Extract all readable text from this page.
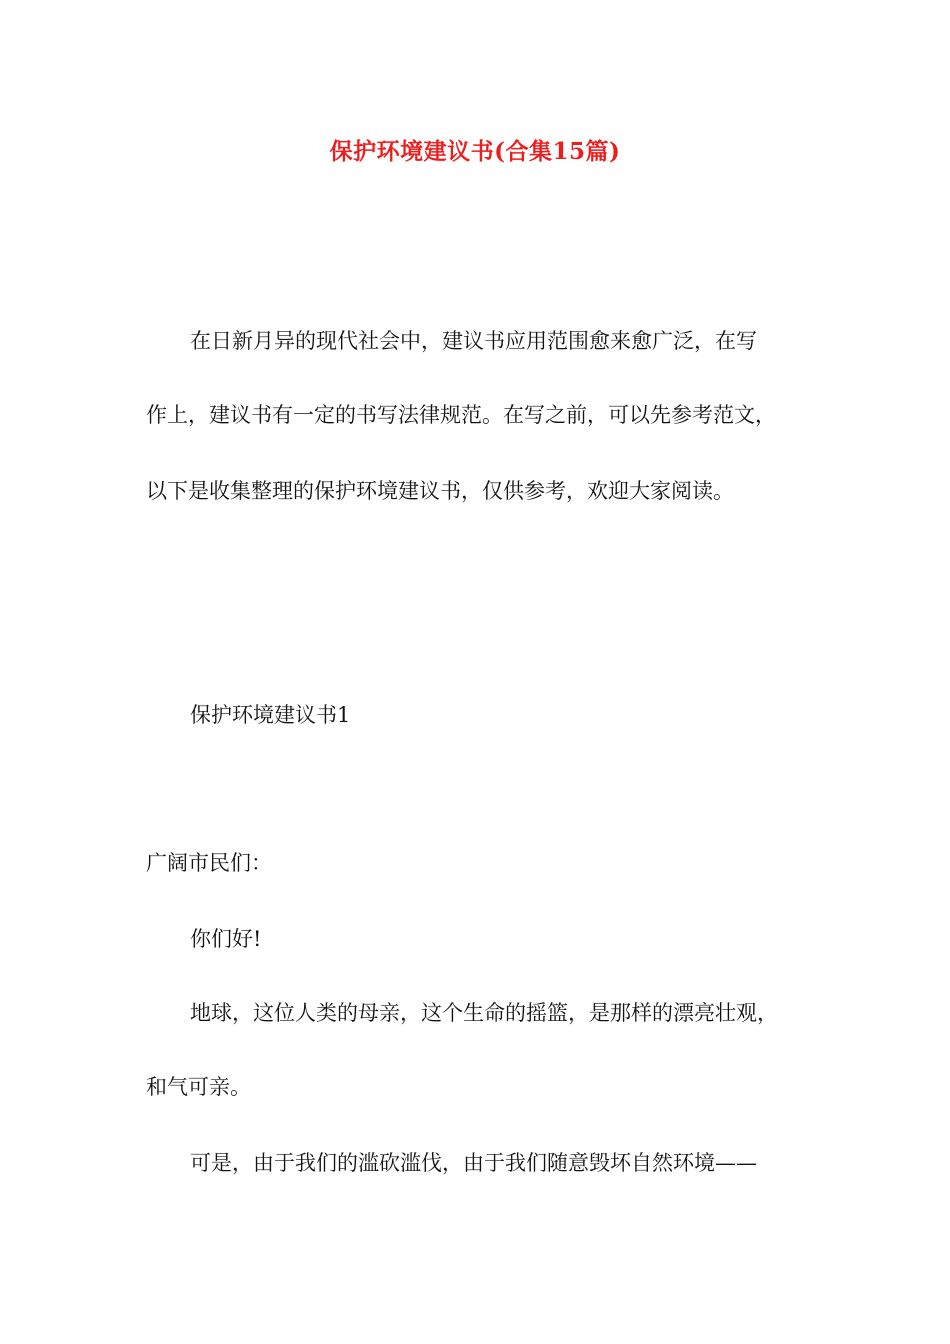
保护环境建议书(合集15篇)
在日新月异的现代社会中，建议书应用范围愈来愈广泛，在写
作上，建议书有一定的书写法律规范。在写之前，可以先参考范文，
以下是收集整理的保护环境建议书，仅供参考，欢迎大家阅读。
保护环境建议书1
广阔市民们：
你们好!
地球，这位人类的母亲，这个生命的摇篮，是那样的漂亮壮观，
和气可亲。
可是，由于我们的滥砍滥伐，由于我们随意毁坏自然环境——
